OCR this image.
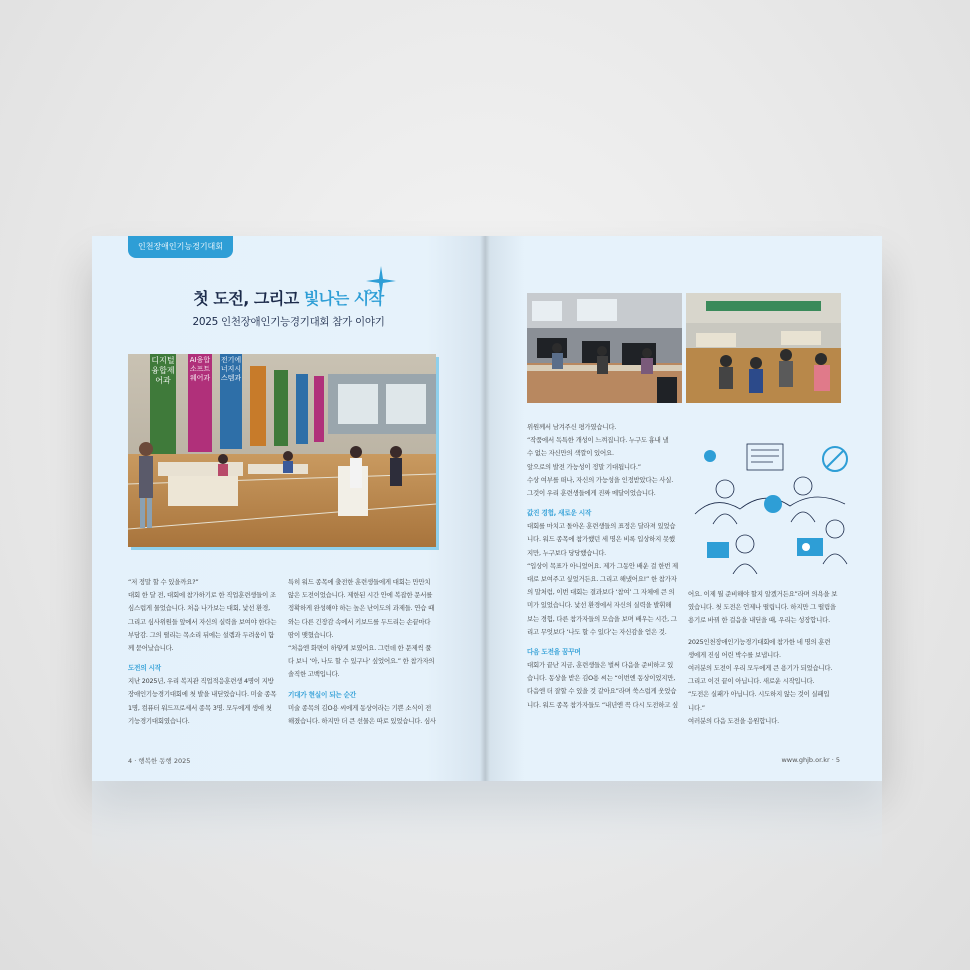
인천장애인기능경기대회
첫 도전, 그리고 빛나는 시작
2025 인천장애인기능경기대회 참가 이야기
디지털융합제어과
AI융합소프트웨어과
전기에너지시스템과

“저 정말 할 수 있을까요?”

대회 한 달 전, 대회에 참가하기로 한 직업훈련생들이 조

심스럽게 물었습니다. 처음 나가보는 대회, 낯선 환경,

그리고 심사위원들 앞에서 자신의 실력을 보여야 한다는

부담감. 그의 떨리는 목소리 뒤에는 설렘과 두려움이 함

께 묻어났습니다.

도전의 시작

지난 2025년, 우리 복지관 직업적응훈련생 4명이 지방

장애인기능경기대회에 첫 발을 내딛었습니다. 미술 종목

1명, 컴퓨터 워드프로세서 종목 3명. 모두에게 생애 첫

기능경기대회였습니다.

특히 워드 종목에 출전한 훈련생들에게 대회는 만만치

않은 도전이었습니다. 제한된 시간 안에 복잡한 문서를

정확하게 완성해야 하는 높은 난이도의 과제들. 연습 때

와는 다른 긴장감 속에서 키보드를 두드리는 손끝마다

땀이 맺혔습니다.

“처음엔 화면이 하얗게 보였어요. 그런데 한 문제씩 풀

다 보니 ‘아, 나도 할 수 있구나’ 싶었어요.” 한 참가자의

솔직한 고백입니다.

기대가 현실이 되는 순간

미술 종목의 김O용 씨에게 동상이라는 기쁜 소식이 전

해졌습니다. 하지만 더 큰 선물은 따로 있었습니다. 심사

4 · 행복한 동행 2025

위원께서 남겨주신 평가였습니다.

“작품에서 독특한 개성이 느껴집니다. 누구도 흉내 낼

수 없는 자신만의 색깔이 있어요.

앞으로의 발전 가능성이 정말 기대됩니다.”

수상 여부를 떠나, 자신의 가능성을 인정받았다는 사실.

그것이 우리 훈련생들에게 진짜 메달이었습니다.

값진 경험, 새로운 시작

대회를 마치고 돌아온 훈련생들의 표정은 달라져 있었습

니다. 워드 종목에 참가했던 세 명은 비록 입상하지 못했

지만, 누구보다 당당했습니다.

“입상이 목표가 아니었어요. 제가 그동안 배운 걸 한번 제

대로 보여주고 싶었거든요. 그리고 해냈어요!” 한 참가자

의 말처럼, 이번 대회는 결과보다 ‘참여’ 그 자체에 큰 의

미가 있었습니다. 낯선 환경에서 자신의 실력을 발휘해

보는 경험, 다른 참가자들의 모습을 보며 배우는 시간, 그

리고 무엇보다 ‘나도 할 수 있다’는 자신감을 얻은 것.

다음 도전을 꿈꾸며

대회가 끝난 지금, 훈련생들은 벌써 다음을 준비하고 있

습니다. 동상을 받은 김O용 씨는 “이번엔 동상이었지만,

다음엔 더 잘할 수 있을 것 같아요”라며 쑥스럽게 웃었습

니다. 워드 종목 참가자들도 “내년엔 꼭 다시 도전하고 싶

어요. 이제 뭘 준비해야 할지 알겠거든요”라며 의욕을 보

였습니다. 첫 도전은 언제나 떨립니다. 하지만 그 떨림을

용기로 바꿔 한 걸음을 내딛을 때, 우리는 성장합니다.

2025인천장애인기능경기대회에 참가한 네 명의 훈련

생에게 진심 어린 박수를 보냅니다.

여러분의 도전이 우리 모두에게 큰 용기가 되었습니다.

그리고 이건 끝이 아닙니다. 새로운 시작입니다.

“도전은 실패가 아닙니다. 시도하지 않는 것이 실패입

니다.”

여러분의 다음 도전을 응원합니다.

www.ghjb.or.kr · 5
